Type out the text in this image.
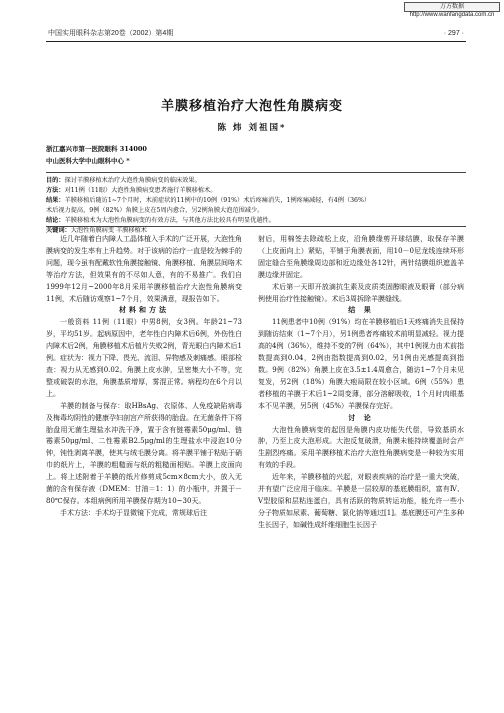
万方数据 http://www.wanfangdata.com.cn
中国实用眼科杂志第20卷（2002）第4期	· 297 ·
羊膜移植治疗大泡性角膜病变
陈 炜 刘祖国*
浙江嘉兴市第一医院眼科 314000
中山医科大学中山眼科中心 *

目的：探讨羊膜移植术治疗大泡性角膜病变的临床效果。

方法：对11例（11眼）大泡性角膜病变患者施行羊膜移植术。

结果：羊膜移植后随访1~7个月时，术前症状的11例中的10例（91%）术后疼痛消失，1例疼痛减轻，有4例（36%）

术后视力提高，9例（82%）角膜上皮在5周内愈合，另2例角膜大泡范围减少。

结论：羊膜移植术为大泡性角膜病变的有效方法，与其他方法比较具有明显优越性。

关键词：大泡性角膜病变 羊膜移植术

近几年随着白内障人工晶体植入手术的广泛开展，大泡性角膜病变的发生率有上升趋势。对于该病的治疗一直是较为棘手的问题，现今虽有配戴软性角膜接触镜、角膜移植、角膜层间咯术等治疗方法，但效果有的不尽如人意，有的不易推广。我们自1999年12月~2000年8月采用羊膜移植治疗大泡性角膜病变11例，术后随访观察1~7个月，效果满意，现报告如下。

材料和方法

一般资料 11例（11眼）中男8例，女3例。年龄21~73岁，平均51岁。起病原因中，老年性白内障术后6例，外伤性白内障术后2例，角膜移植术后植片失败2例，青光眼白内障术后1例。症状为：视力下降、畏光、流泪、异物感及刺痛感。眼部检查：视力从无感到0.02。角膜上皮水肿，呈密集大小不等，完整或破裂的水泡，角膜基质增厚，雾混正常。病程均在6个月以上。

羊膜的制备与保存：取HBsAg、衣原体、人免疫缺陷病毒及梅毒均阴性的健康孕妇剖宫产所获得的胎盘。在无菌条件下将胎盘用无菌生理盐水冲洗干净，置于含有链霉素50μg/ml、链霉素50μg/ml、二性霉素B2.5μg/ml的生理盐水中浸泡10分钟，钝性剥离羊膜，使其与绒毛膜分离。将羊膜平铺于粘贴于硝巾的纸片上，羊膜的粗糙面与纸的粗糙面相贴。羊膜上皮面向上。将上述附着于羊膜的纸片修剪成5cm×8cm大小，放入无菌的含有保存液（DMEM：甘油＝1：1）的小瓶中，并置于－80℃保存。本组病例所用羊膜保存期为10~30天。

手术方法：手术均于显微镜下完成，常规球后注

射后，用棉签去除疏松上皮，沿角膜缘剪开球结膜，取保存羊膜（上皮面向上）紧贴，平铺于角膜表面，用10－0尼龙线连续环形固定缝合至角膜缘周边部和近边缘处各12针，两针结膜组织遮盖羊膜边缘并固定。

术后第一天即开放滴抗生素及皮质类固醇眼液及眼膏（部分病例使用治疗性接触镜）。术后3周拆除羊膜缝线。

结 果

11例患者中10例（91%）均在羊膜移植后1天疼痛消失且保持到随访结束（1~7个月），另1例患者疼痛较术前明显减轻。视力提高的4例（36%），维持不变的7例（64%），其中1例视力由术前指数提高到0.04，2例由指数提高到0.02，另1例由光感提高到指数。9例（82%）角膜上皮在3.5±1.4周愈合，随访1~7个月未见复发，另2例（18%）角膜大疱局限在较小区域。6例（55%）患者移植的羊膜于术后1~2周变薄，部分溶解吸收，1个月时肉眼基本不见羊膜，另5例（45%）羊膜保存完好。

讨 论

大泡性角膜病变的起因是角膜内皮功能失代偿，导致基质水肿，乃至上皮大泡形成。大泡反复破溃，角膜未能持续覆盖时会产生剧烈疼痛。采用羊膜移植术治疗大泡性角膜病变是一种较为实用有效的手段。

近年来，羊膜移植的兴起，对眼表疾病的治疗是一重大突破，并有望广泛应用于临床。羊膜是一层较厚的基底膜组织，富有Ⅳ、Ⅴ型胶原和层粘连蛋白，具有活跃的物质转运功能，能允许一些小分子物质如尿素、葡萄糖、氯化钠等通过[1]。基底膜还可产生多种生长因子，如碱性成纤维细胞生长因子
